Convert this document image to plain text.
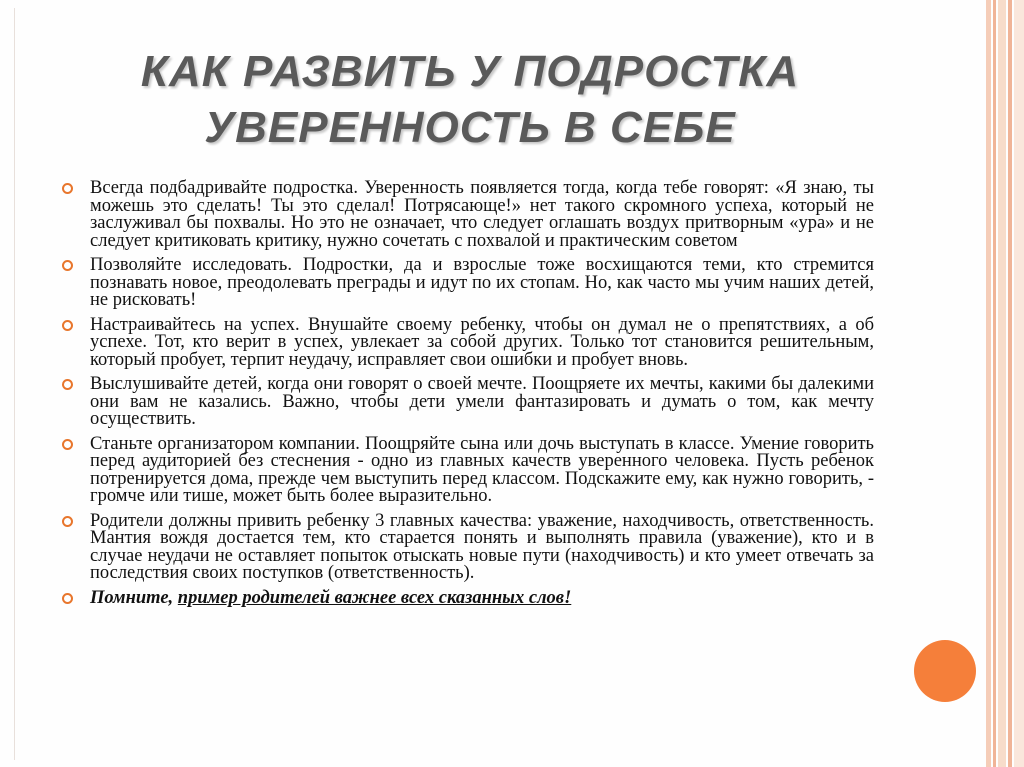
КАК РАЗВИТЬ У ПОДРОСТКА УВЕРЕННОСТЬ В СЕБЕ
Всегда подбадривайте подростка. Уверенность появляется тогда, когда тебе говорят: «Я знаю, ты можешь это сделать! Ты это сделал! Потрясающе!» нет такого скромного успеха, который не заслуживал бы похвалы. Но это не означает, что следует оглашать воздух притворным «ура» и не следует критиковать критику, нужно сочетать с похвалой и практическим советом
Позволяйте исследовать. Подростки, да и взрослые тоже восхищаются теми, кто стремится познавать новое, преодолевать преграды и идут по их стопам. Но, как часто мы учим наших детей, не рисковать!
Настраивайтесь на успех. Внушайте своему ребенку, чтобы он думал не о препятствиях, а об успехе. Тот, кто верит в успех, увлекает за собой других. Только тот становится решительным, который пробует, терпит неудачу, исправляет свои ошибки и пробует вновь.
Выслушивайте детей, когда они говорят о своей мечте. Поощряете их мечты, какими бы далекими они вам не казались. Важно, чтобы дети умели фантазировать и думать о том, как мечту осуществить.
Станьте организатором компании. Поощряйте сына или дочь выступать в классе. Умение говорить перед аудиторией без стеснения - одно из главных качеств уверенного человека. Пусть ребенок потренируется дома, прежде чем выступить перед классом. Подскажите ему, как нужно говорить, - громче или тише, может быть более выразительно.
Родители должны привить ребенку 3 главных качества: уважение, находчивость, ответственность. Мантия вождя достается тем, кто старается понять и выполнять правила (уважение), кто и в случае неудачи не оставляет попыток отыскать новые пути (находчивость) и кто умеет отвечать за последствия своих поступков (ответственность).
Помните, пример родителей важнее всех сказанных слов!
